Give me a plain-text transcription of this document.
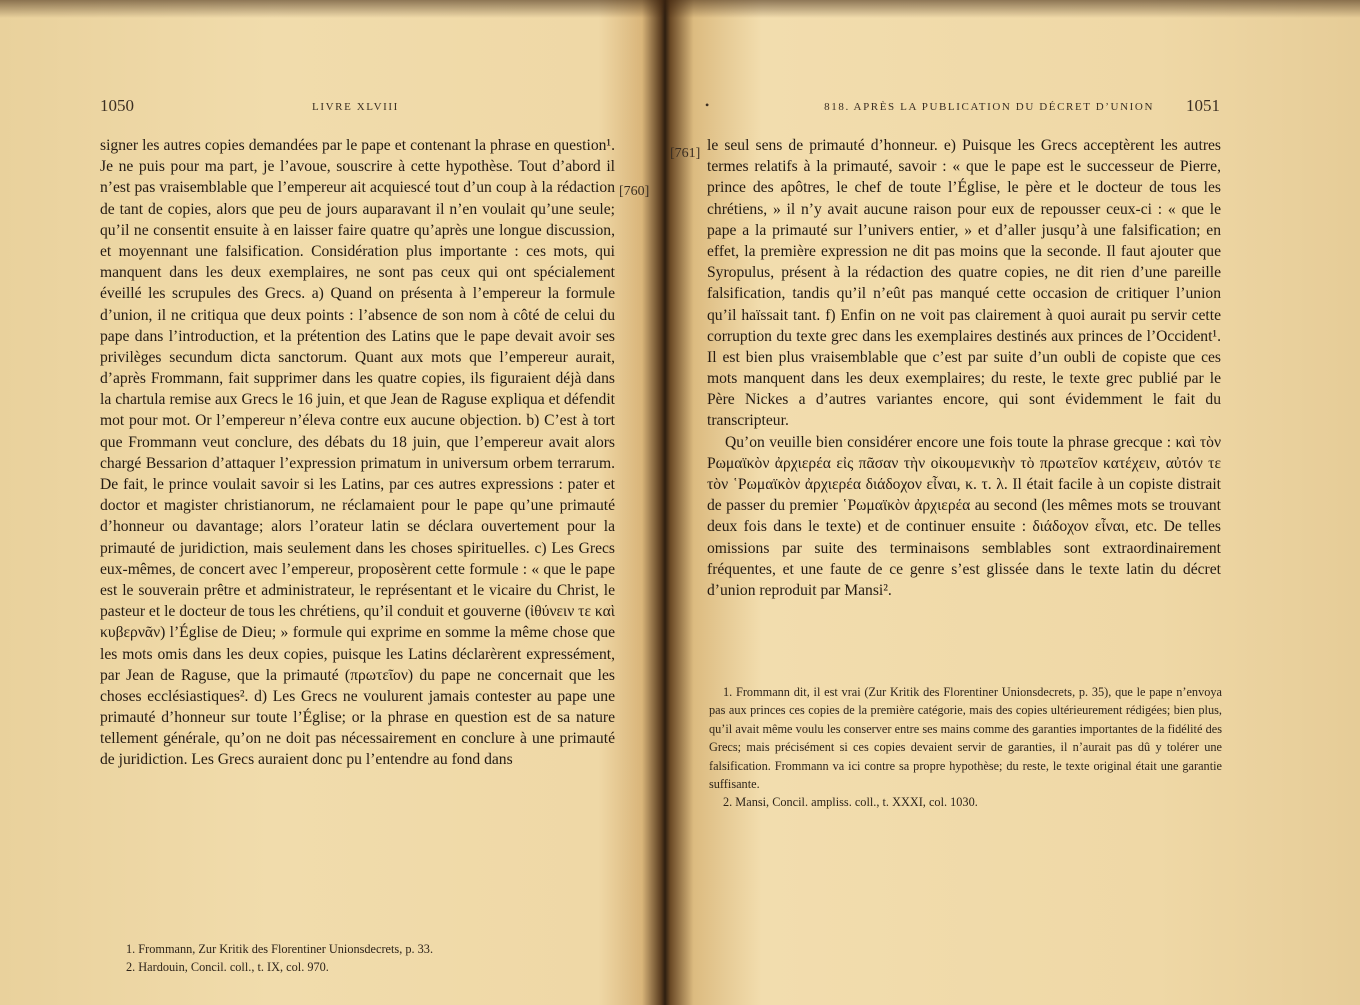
1050	LIVRE XLVIII

signer les autres copies demandées par le pape et contenant la phrase en question¹. Je ne puis pour ma part, je l’avoue, souscrire à cette hypothèse. Tout d’abord il n’est pas vraisemblable que l’empereur ait acquiescé tout d’un coup à la rédaction de tant de copies, alors que peu de jours auparavant il n’en voulait qu’une seule; qu’il ne consentit ensuite à en laisser faire quatre qu’après une longue discussion, et moyennant une falsification. Considération plus importante : ces mots, qui manquent dans les deux exemplaires, ne sont pas ceux qui ont spécialement éveillé les scrupules des Grecs. a) Quand on présenta à l’empereur la formule d’union, il ne critiqua que deux points : l’absence de son nom à côté de celui du pape dans l’introduction, et la prétention des Latins que le pape devait avoir ses privilèges secundum dicta sanctorum. Quant aux mots que l’empereur aurait, d’après Frommann, fait supprimer dans les quatre copies, ils figuraient déjà dans la chartula remise aux Grecs le 16 juin, et que Jean de Raguse expliqua et défendit mot pour mot. Or l’empereur n’éleva contre eux aucune objection. b) C’est à tort que Frommann veut conclure, des débats du 18 juin, que l’empereur avait alors chargé Bessarion d’attaquer l’expression primatum in universum orbem terrarum. De fait, le prince voulait savoir si les Latins, par ces autres expressions : pater et doctor et magister christianorum, ne réclamaient pour le pape qu’une primauté d’honneur ou davantage; alors l’orateur latin se déclara ouvertement pour la primauté de juridiction, mais seulement dans les choses spirituelles. c) Les Grecs eux-mêmes, de concert avec l’empereur, proposèrent cette formule : « que le pape est le souverain prêtre et administrateur, le représentant et le vicaire du Christ, le pasteur et le docteur de tous les chrétiens, qu’il conduit et gouverne (ἰθύνειν τε καὶ κυβερνᾶν) l’Église de Dieu; » formule qui exprime en somme la même chose que les mots omis dans les deux copies, puisque les Latins déclarèrent expressément, par Jean de Raguse, que la primauté (πρωτεῖον) du pape ne concernait que les choses ecclésiastiques². d) Les Grecs ne voulurent jamais contester au pape une primauté d’honneur sur toute l’Église; or la phrase en question est de sa nature tellement générale, qu’on ne doit pas nécessairement en conclure à une primauté de juridiction. Les Grecs auraient donc pu l’entendre au fond dans

1. Frommann, Zur Kritik des Florentiner Unionsdecrets, p. 33.

2. Hardouin, Concil. coll., t. IX, col. 970.

[760]
[761]
•	818. APRÈS LA PUBLICATION DU DÉCRET D’UNION 1051

le seul sens de primauté d’honneur. e) Puisque les Grecs acceptèrent les autres termes relatifs à la primauté, savoir : « que le pape est le successeur de Pierre, prince des apôtres, le chef de toute l’Église, le père et le docteur de tous les chrétiens, » il n’y avait aucune raison pour eux de repousser ceux-ci : « que le pape a la primauté sur l’univers entier, » et d’aller jusqu’à une falsification; en effet, la première expression ne dit pas moins que la seconde. Il faut ajouter que Syropulus, présent à la rédaction des quatre copies, ne dit rien d’une pareille falsification, tandis qu’il n’eût pas manqué cette occasion de critiquer l’union qu’il haïssait tant. f) Enfin on ne voit pas clairement à quoi aurait pu servir cette corruption du texte grec dans les exemplaires destinés aux princes de l’Occident¹. Il est bien plus vraisemblable que c’est par suite d’un oubli de copiste que ces mots manquent dans les deux exemplaires; du reste, le texte grec publié par le Père Nickes a d’autres variantes encore, qui sont évidemment le fait du transcripteur.

Qu’on veuille bien considérer encore une fois toute la phrase grecque : καὶ τὸν Ρωμαϊκὸν ἀρχιερέα εἰς πᾶσαν τὴν οἰκουμενικὴν τὸ πρωτεῖον κατέχειν, αὐτόν τε τὸν ῾Ρωμαϊκὸν ἀρχιερέα διάδοχον εἶναι, κ. τ. λ. Il était facile à un copiste distrait de passer du premier ῾Ρωμαϊκὸν ἀρχιερέα au second (les mêmes mots se trouvant deux fois dans le texte) et de continuer ensuite : διάδοχον εἶναι, etc. De telles omissions par suite des terminaisons semblables sont extraordinairement fréquentes, et une faute de ce genre s’est glissée dans le texte latin du décret d’union reproduit par Mansi².

1. Frommann dit, il est vrai (Zur Kritik des Florentiner Unionsdecrets, p. 35), que le pape n’envoya pas aux princes ces copies de la première catégorie, mais des copies ultérieurement rédigées; bien plus, qu’il avait même voulu les conserver entre ses mains comme des garanties importantes de la fidélité des Grecs; mais précisément si ces copies devaient servir de garanties, il n’aurait pas dû y tolérer une falsification. Frommann va ici contre sa propre hypothèse; du reste, le texte original était une garantie suffisante.

2. Mansi, Concil. ampliss. coll., t. XXXI, col. 1030.
